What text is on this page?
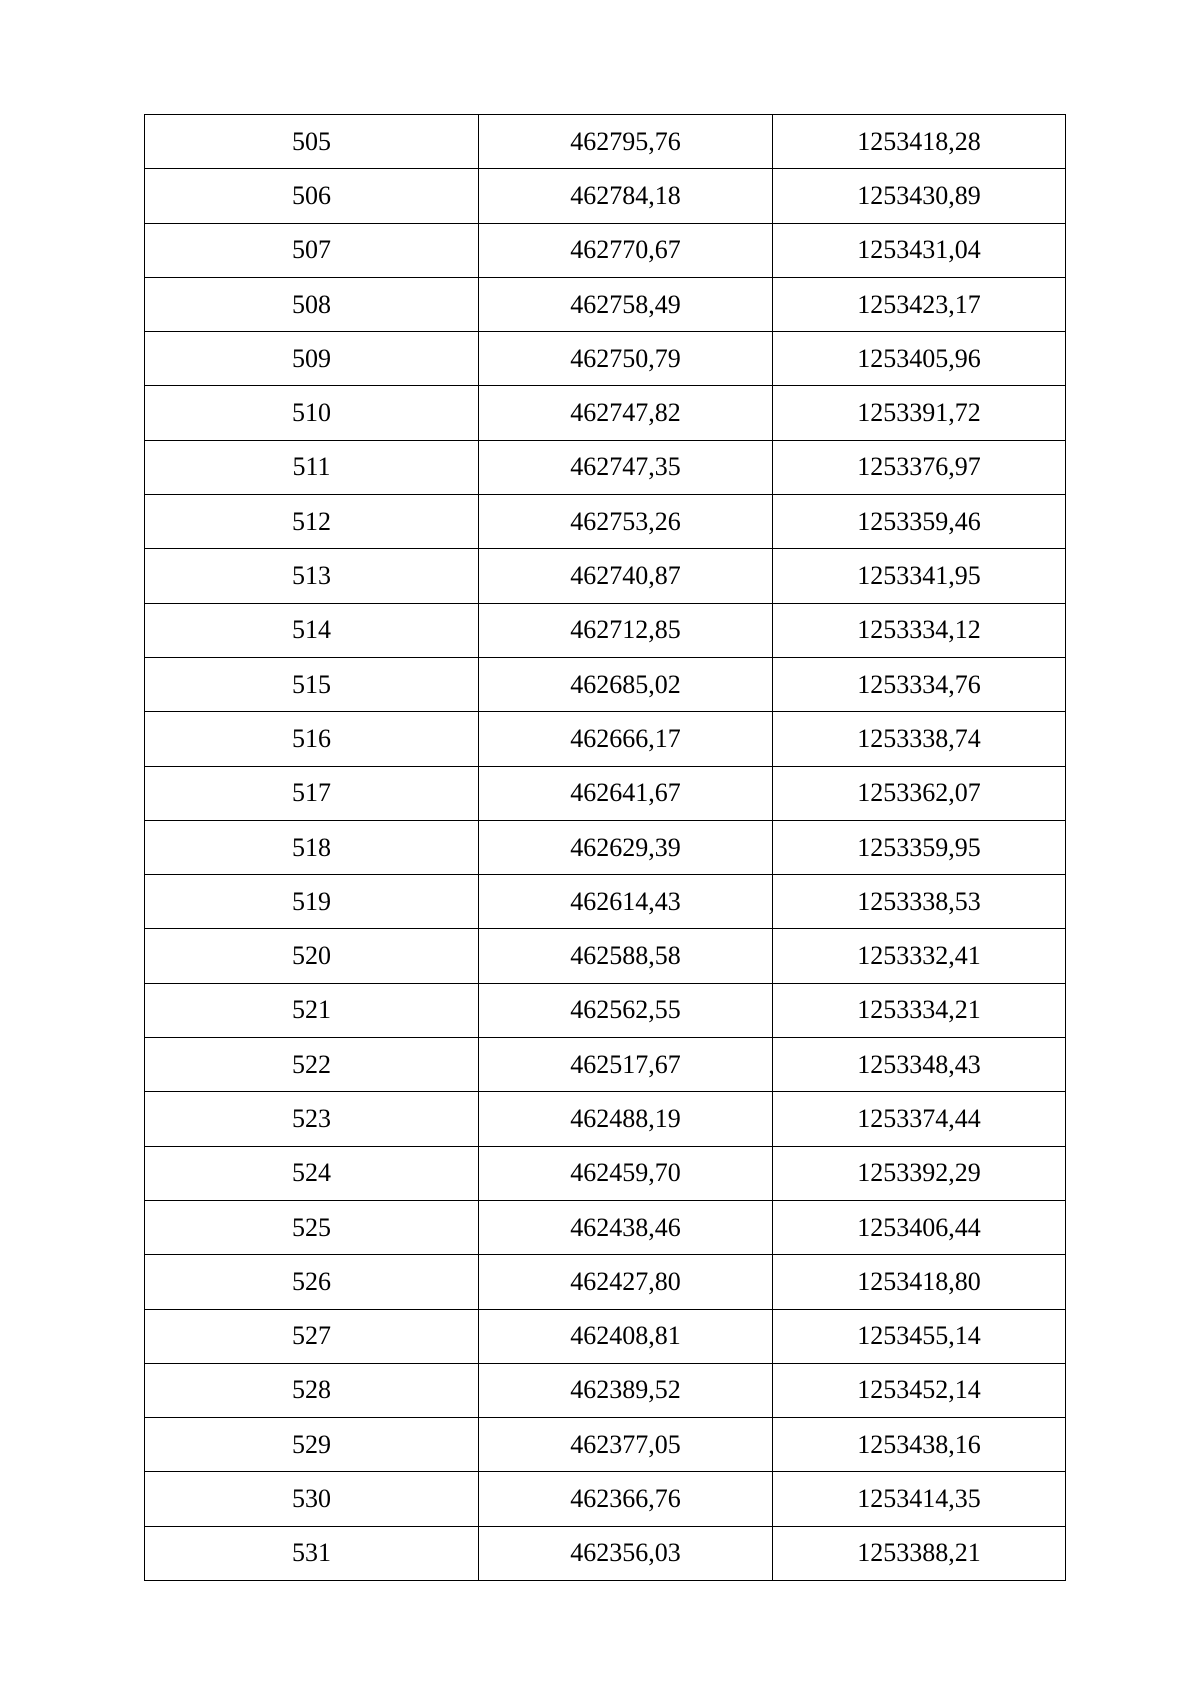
505	462795,76	1253418,28
506	462784,18	1253430,89
507	462770,67	1253431,04
508	462758,49	1253423,17
509	462750,79	1253405,96
510	462747,82	1253391,72
511	462747,35	1253376,97
512	462753,26	1253359,46
513	462740,87	1253341,95
514	462712,85	1253334,12
515	462685,02	1253334,76
516	462666,17	1253338,74
517	462641,67	1253362,07
518	462629,39	1253359,95
519	462614,43	1253338,53
520	462588,58	1253332,41
521	462562,55	1253334,21
522	462517,67	1253348,43
523	462488,19	1253374,44
524	462459,70	1253392,29
525	462438,46	1253406,44
526	462427,80	1253418,80
527	462408,81	1253455,14
528	462389,52	1253452,14
529	462377,05	1253438,16
530	462366,76	1253414,35
531	462356,03	1253388,21
